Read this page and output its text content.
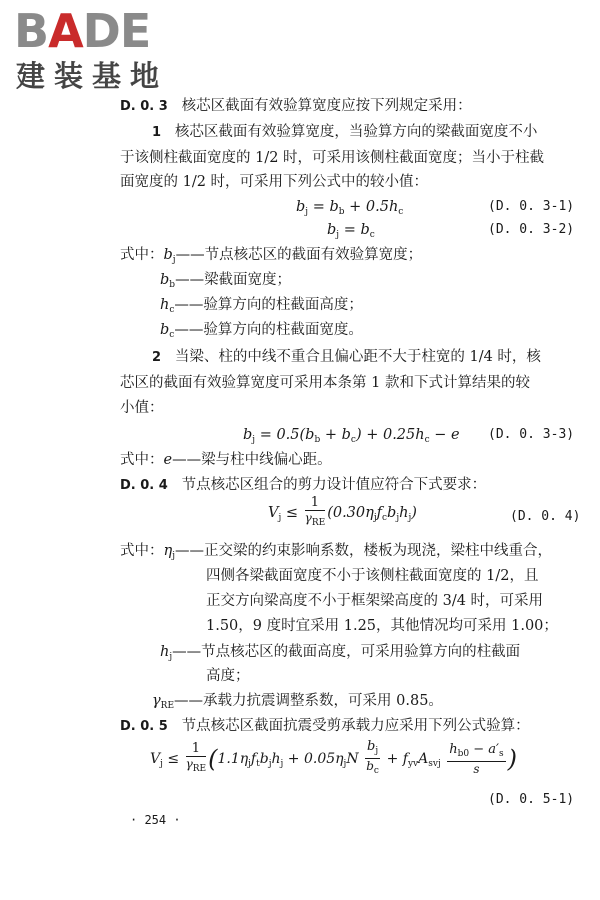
BADE
建装基地
D. 0. 3 核芯区截面有效验算宽度应按下列规定采用：
1 核芯区截面有效验算宽度，当验算方向的梁截面宽度不小
于该侧柱截面宽度的 1/2 时，可采用该侧柱截面宽度；当小于柱截
面宽度的 1/2 时，可采用下列公式中的较小值：
$b_j = b_b + 0.5h_c$	(D. 0. 3-1)
$b_j = b_c$	(D. 0. 3-2)
式中：$b_j——$节点核芯区的截面有效验算宽度；
$b_b——$梁截面宽度；
$h_c——$验算方向的柱截面高度；
$b_c——$验算方向的柱截面宽度。
2 当梁、柱的中线不重合且偏心距不大于柱宽的 1/4 时，核
芯区的截面有效验算宽度可采用本条第 1 款和下式计算结果的较
小值：
$b_j = 0.5(b_b + b_c) + 0.25h_c - e$ (D. 0. 3-3)
式中：e——梁与柱中线偏心距。
D. 0. 4 节点核芯区组合的剪力设计值应符合下式要求：
$V_j \le \frac{1}{\gamma_{RE}} (0.30\eta_jf_cb_jh_j)$	(D. 0. 4)
式中：$\eta_j——$正交梁的约束影响系数，楼板为现浇，梁柱中线重合，
四侧各梁截面宽度不小于该侧柱截面宽度的 1/2，且
正交方向梁高度不小于框架梁高度的 3/4 时，可采用
1.50，9 度时宜采用 1.25，其他情况均可采用 1.00；
$h_j——$节点核芯区的截面高度，可采用验算方向的柱截面
高度；
$\gamma_{RE}——$承载力抗震调整系数，可采用 0.85。
D. 0. 5 节点核芯区截面抗震受剪承载力应采用下列公式验算：
$V_j \le \frac{1}{\gamma_{RE}} (1.1\eta_jf_tb_jh_j + 0.05\eta_jN \frac{b_j}{b_c} + f_{yv}A_{svj} \frac{h_{b0} - a'_s}{s}$ )
(D. 0. 5-1)
· 254 ·
